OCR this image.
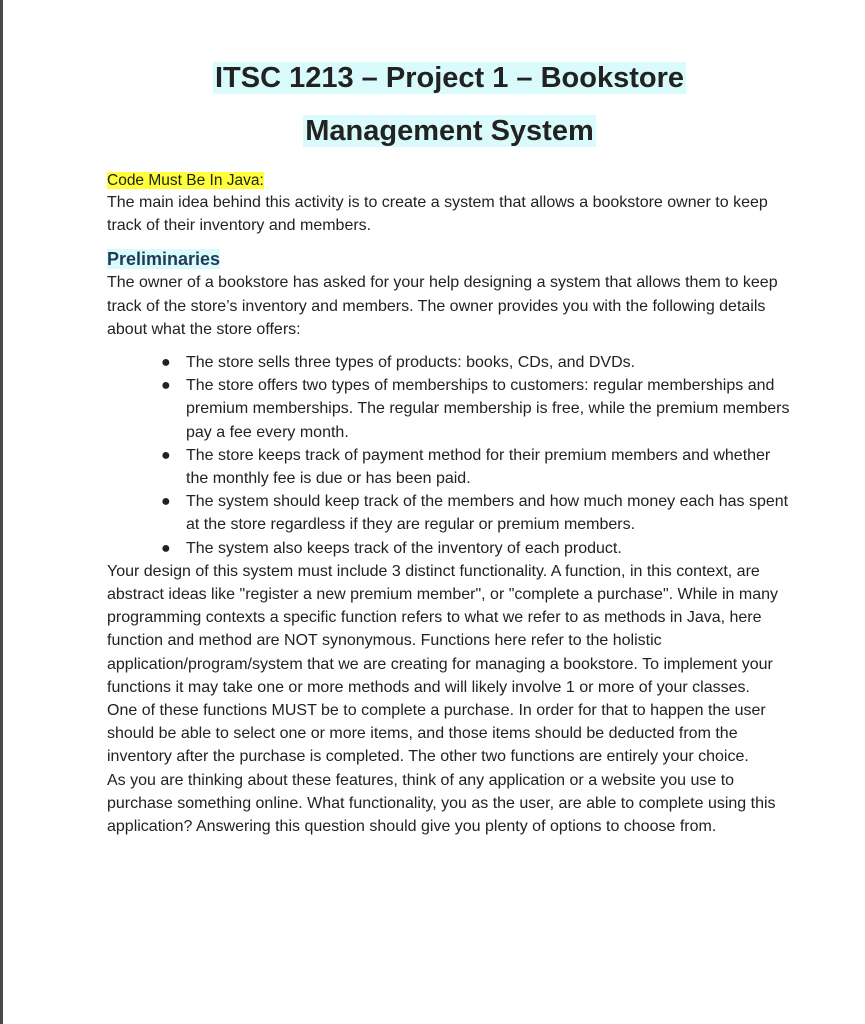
ITSC 1213 – Project 1 – Bookstore
Management System

Code Must Be In Java:

The main idea behind this activity is to create a system that allows a bookstore owner to keep track of their inventory and members.

Preliminaries

The owner of a bookstore has asked for your help designing a system that allows them to keep track of the store’s inventory and members. The owner provides you with the following details about what the store offers:

● The store sells three types of products: books, CDs, and DVDs.
● The store offers two types of memberships to customers: regular memberships and premium memberships. The regular membership is free, while the premium members pay a fee every month.
● The store keeps track of payment method for their premium members and whether the monthly fee is due or has been paid.
● The system should keep track of the members and how much money each has spent at the store regardless if they are regular or premium members.
● The system also keeps track of the inventory of each product.

Your design of this system must include 3 distinct functionality. A function, in this context, are abstract ideas like "register a new premium member", or "complete a purchase". While in many programming contexts a specific function refers to what we refer to as methods in Java, here function and method are NOT synonymous. Functions here refer to the holistic application/program/system that we are creating for managing a bookstore. To implement your functions it may take one or more methods and will likely involve 1 or more of your classes.

One of these functions MUST be to complete a purchase. In order for that to happen the user should be able to select one or more items, and those items should be deducted from the inventory after the purchase is completed. The other two functions are entirely your choice.

As you are thinking about these features, think of any application or a website you use to purchase something online. What functionality, you as the user, are able to complete using this application? Answering this question should give you plenty of options to choose from.
